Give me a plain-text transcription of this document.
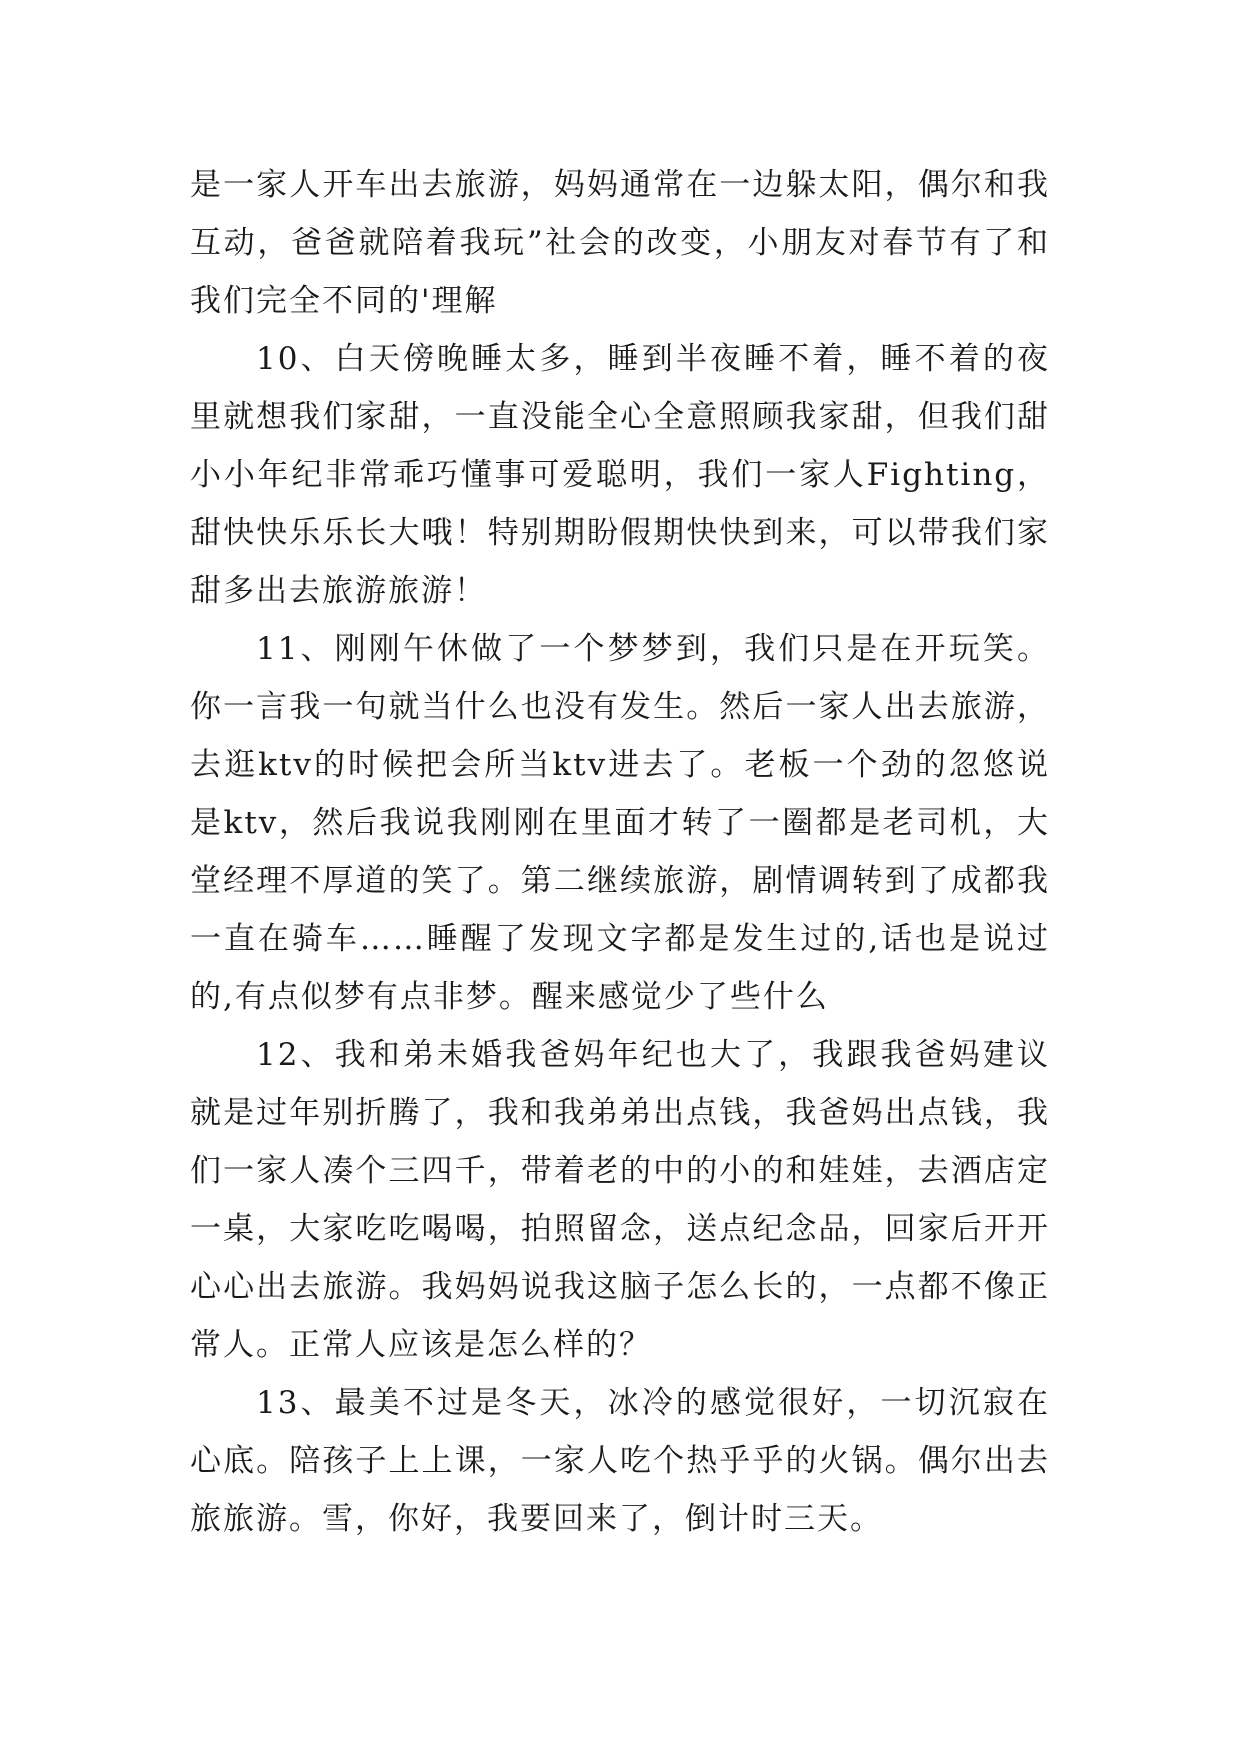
是一家人开车出去旅游，妈妈通常在一边躲太阳，偶尔和我互动，爸爸就陪着我玩”社会的改变，小朋友对春节有了和我们完全不同的'理解

10、白天傍晚睡太多，睡到半夜睡不着，睡不着的夜里就想我们家甜，一直没能全心全意照顾我家甜，但我们甜小小年纪非常乖巧懂事可爱聪明，我们一家人Fighting，甜快快乐乐长大哦！特别期盼假期快快到来，可以带我们家甜多出去旅游旅游！

11、刚刚午休做了一个梦梦到，我们只是在开玩笑。你一言我一句就当什么也没有发生。然后一家人出去旅游，去逛ktv的时候把会所当ktv进去了。老板一个劲的忽悠说是ktv，然后我说我刚刚在里面才转了一圈都是老司机，大堂经理不厚道的笑了。第二继续旅游，剧情调转到了成都我一直在骑车……睡醒了发现文字都是发生过的,话也是说过的,有点似梦有点非梦。醒来感觉少了些什么

12、我和弟未婚我爸妈年纪也大了，我跟我爸妈建议就是过年别折腾了，我和我弟弟出点钱，我爸妈出点钱，我们一家人凑个三四千，带着老的中的小的和娃娃，去酒店定一桌，大家吃吃喝喝，拍照留念，送点纪念品，回家后开开心心出去旅游。我妈妈说我这脑子怎么长的，一点都不像正常人。正常人应该是怎么样的？

13、最美不过是冬天，冰冷的感觉很好，一切沉寂在心底。陪孩子上上课，一家人吃个热乎乎的火锅。偶尔出去旅旅游。雪，你好，我要回来了，倒计时三天。
